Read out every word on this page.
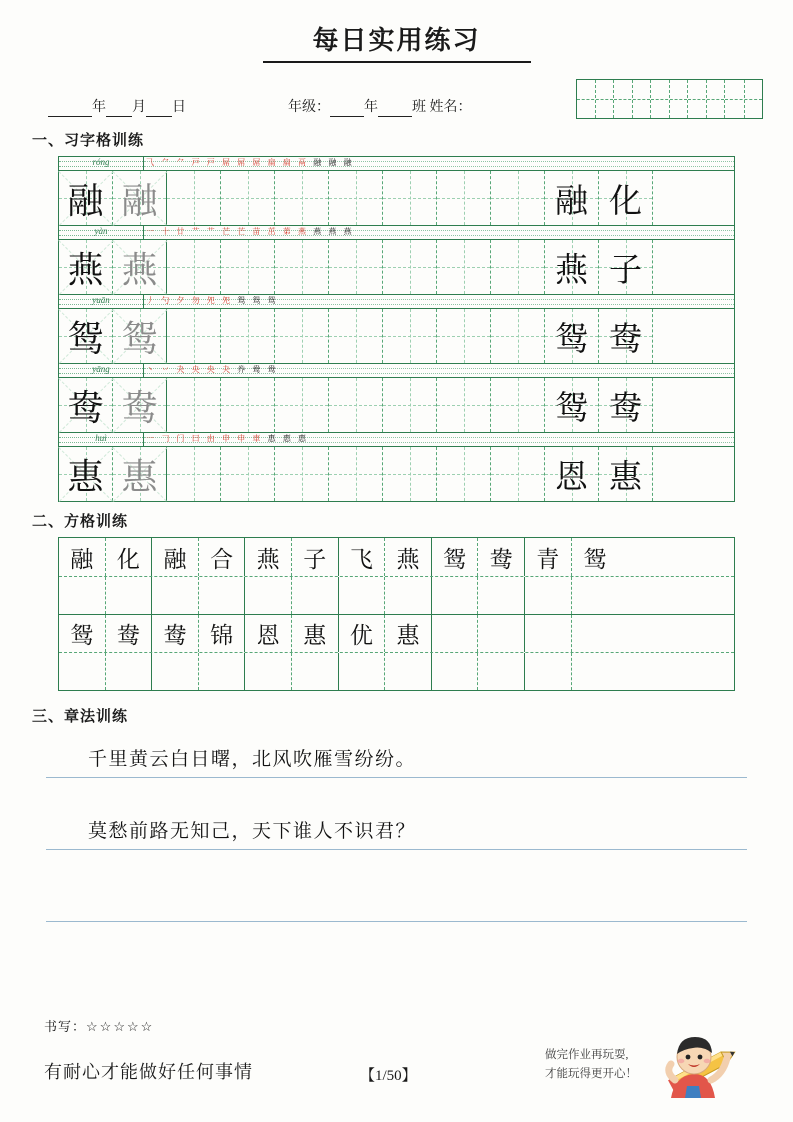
每日实用练习
年 月 日	年级： 年 班 姓名：
一、习字格训练
róng	⺄ ⺈ ⺈ 戸 戸 屌 屌 屌 扁 扁 鬲 融 融 融
融 融	融 化
yàn	一 十 廿 艹 艹 芒 芒 苗 茁 苐 燕 燕 燕 燕
燕 燕	燕 子
yuān	丿 勺 夕 勿 夗 夗 鸳 鸳 鸳
鸳 鸳	鸳 鸯
yāng	丶 丷 夬 央 央 夬 奍 鸯 鸯
鸯 鸯	鸳 鸯
huì	一 𠃌 门 曰 由 申 申 車 惠 惠 惠
惠 惠	恩 惠
二、方格训练
融	化	融	合	燕	子	飞	燕	鸳	鸯	青	鸳
鸳	鸯	鸯	锦	恩	惠	优	惠
三、章法训练
千里黄云白日曙，北风吹雁雪纷纷。
莫愁前路无知己，天下谁人不识君？
书写：☆☆☆☆☆
有耐心才能做好任何事情	【1/50】
做完作业再玩耍,
才能玩得更开心！
